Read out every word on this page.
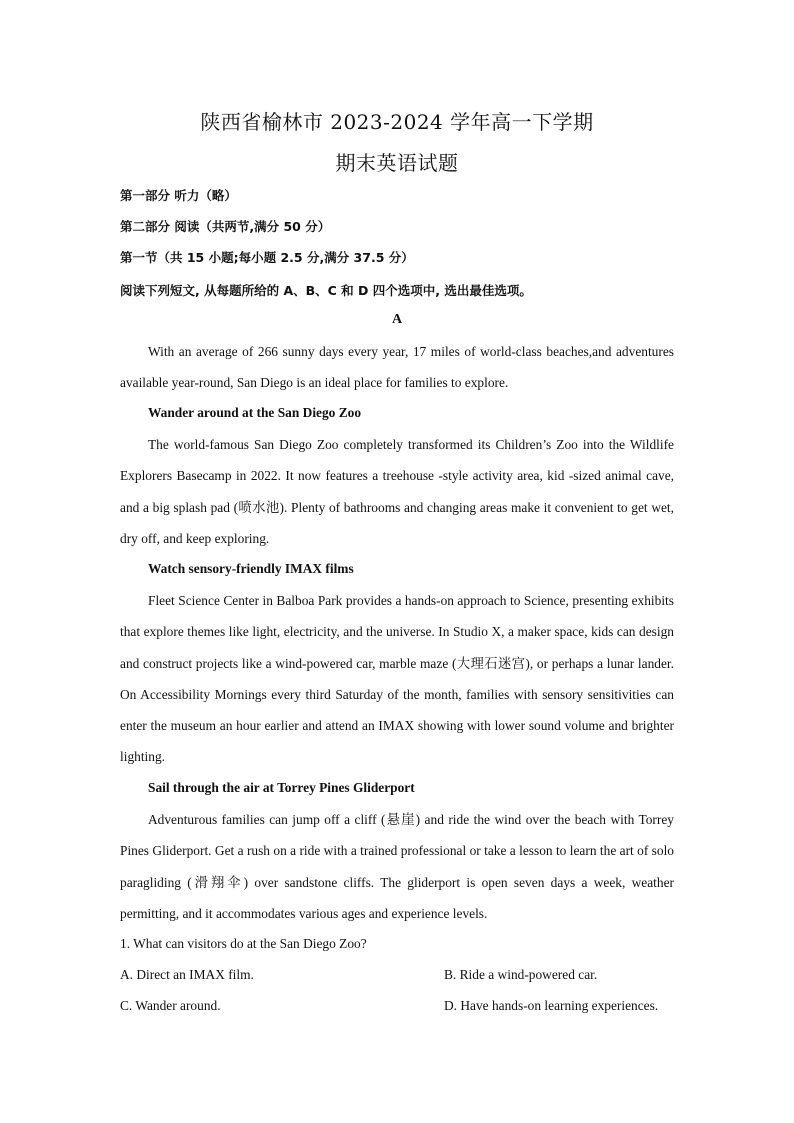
陕西省榆林市 2023-2024 学年高一下学期
期末英语试题
第一部分 听力（略）
第二部分 阅读（共两节,满分 50 分）
第一节（共 15 小题;每小题 2.5 分,满分 37.5 分）
阅读下列短文, 从每题所给的 A、B、C 和 D 四个选项中, 选出最佳选项。
A

With an average of 266 sunny days every year, 17 miles of world-class beaches,and adventures available year-round, San Diego is an ideal place for families to explore.

Wander around at the San Diego Zoo

The world-famous San Diego Zoo completely transformed its Children’s Zoo into the Wildlife Explorers Basecamp in 2022. It now features a treehouse -style activity area, kid -sized animal cave, and a big splash pad (喷水池). Plenty of bathrooms and changing areas make it convenient to get wet, dry off, and keep exploring.

Watch sensory-friendly IMAX films

Fleet Science Center in Balboa Park provides a hands-on approach to Science, presenting exhibits that explore themes like light, electricity, and the universe. In Studio X, a maker space, kids can design and construct projects like a wind-powered car, marble maze (大理石迷宫), or perhaps a lunar lander. On Accessibility Mornings every third Saturday of the month, families with sensory sensitivities can enter the museum an hour earlier and attend an IMAX showing with lower sound volume and brighter lighting.

Sail through the air at Torrey Pines Gliderport

Adventurous families can jump off a cliff (悬崖) and ride the wind over the beach with Torrey Pines Gliderport. Get a rush on a ride with a trained professional or take a lesson to learn the art of solo paragliding (滑翔伞) over sandstone cliffs. The gliderport is open seven days a week, weather permitting, and it accommodates various ages and experience levels.

1. What can visitors do at the San Diego Zoo?
A. Direct an IMAX film.	B. Ride a wind-powered car.
C. Wander around.	D. Have hands-on learning experiences.
